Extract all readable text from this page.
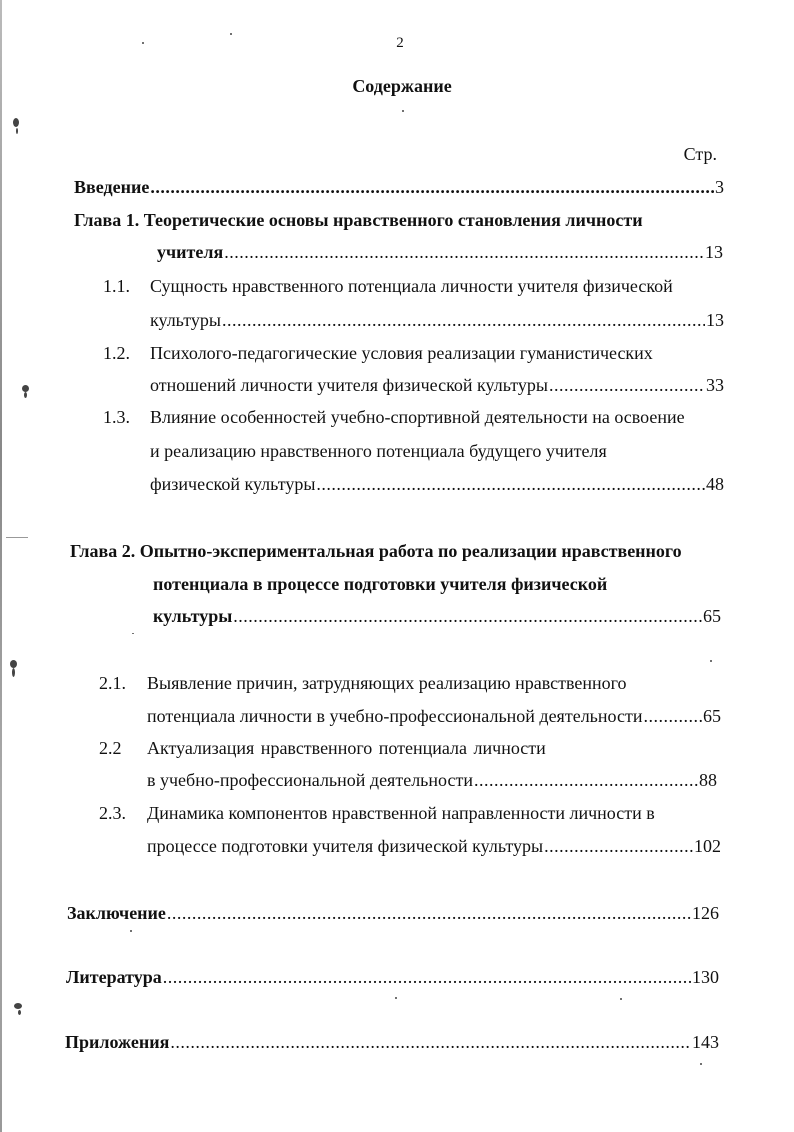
2
Содержание
Стр.
Введение .....	3
Глава 1. Теоретические основы нравственного становления личности
учителя .....	13
1.1. Сущность нравственного потенциала личности учителя физической
культуры .....	13
1.2. Психолого-педагогические условия реализации гуманистических
отношений личности учителя физической культуры .....	33
1.3. Влияние особенностей учебно-спортивной деятельности на освоение
и реализацию нравственного потенциала будущего учителя
физической культуры .....	48
Глава 2. Опытно-экспериментальная работа по реализации нравственного
потенциала в процессе подготовки учителя физической
культуры .....	65
2.1. Выявление причин, затрудняющих реализацию нравственного
потенциала личности в учебно-профессиональной деятельности .....	65
2.2 Актуализация нравственного потенциала личности
в учебно-профессиональной деятельности .....	88
2.3. Динамика компонентов нравственной направленности личности в
процессе подготовки учителя физической культуры .....	102
Заключение .....	126
Литература .....	130
Приложения .....	143
